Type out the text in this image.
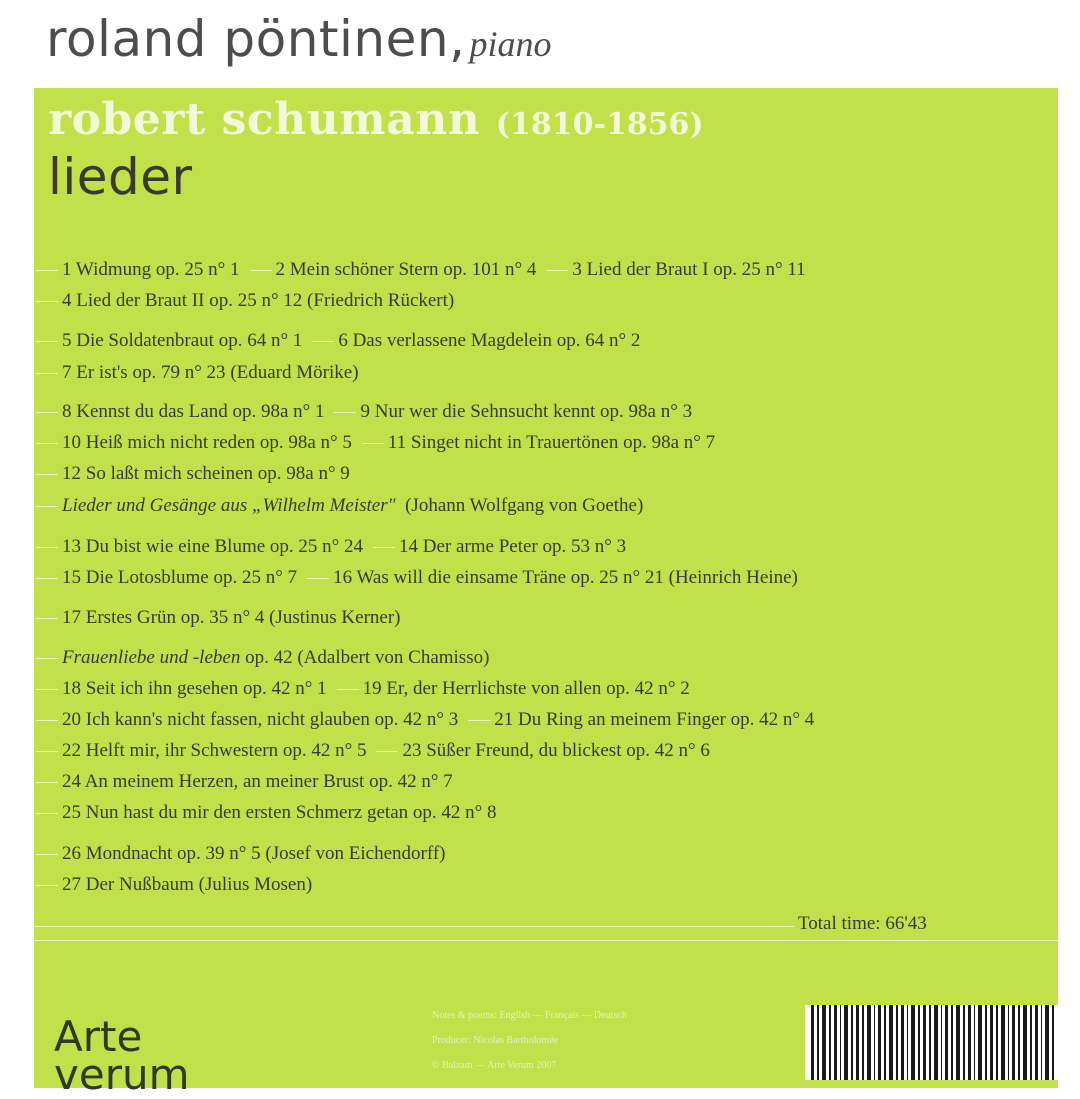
roland pöntinen, piano
robert schumann (1810-1856)
lieder
1 Widmung op. 25 n° 1 2 Mein schöner Stern op. 101 n° 4 3 Lied der Braut I op. 25 n° 11
4 Lied der Braut II op. 25 n° 12 (Friedrich Rückert)
5 Die Soldatenbraut op. 64 n° 1 6 Das verlassene Magdelein op. 64 n° 2
7 Er ist's op. 79 n° 23 (Eduard Mörike)
8 Kennst du das Land op. 98a n° 1 9 Nur wer die Sehnsucht kennt op. 98a n° 3
10 Heiß mich nicht reden op. 98a n° 5 11 Singet nicht in Trauertönen op. 98a n° 7
12 So laßt mich scheinen op. 98a n° 9
Lieder und Gesänge aus „Wilhelm Meister" (Johann Wolfgang von Goethe)
13 Du bist wie eine Blume op. 25 n° 24 14 Der arme Peter op. 53 n° 3
15 Die Lotosblume op. 25 n° 7 16 Was will die einsame Träne op. 25 n° 21 (Heinrich Heine)
17 Erstes Grün op. 35 n° 4 (Justinus Kerner)
Frauenliebe und -leben op. 42 (Adalbert von Chamisso)
18 Seit ich ihn gesehen op. 42 n° 1 19 Er, der Herrlichste von allen op. 42 n° 2
20 Ich kann's nicht fassen, nicht glauben op. 42 n° 3 21 Du Ring an meinem Finger op. 42 n° 4
22 Helft mir, ihr Schwestern op. 42 n° 5 23 Süßer Freund, du blickest op. 42 n° 6
24 An meinem Herzen, an meiner Brust op. 42 n° 7
25 Nun hast du mir den ersten Schmerz getan op. 42 n° 8
26 Mondnacht op. 39 n° 5 (Josef von Eichendorff)
27 Der Nußbaum (Julius Mosen)
Total time: 66'43
Notes & poems: English — Français — Deutsch
Producer: Nicolas Bartholomée
© Balzam — Arte Verum 2007
Arte
verum
